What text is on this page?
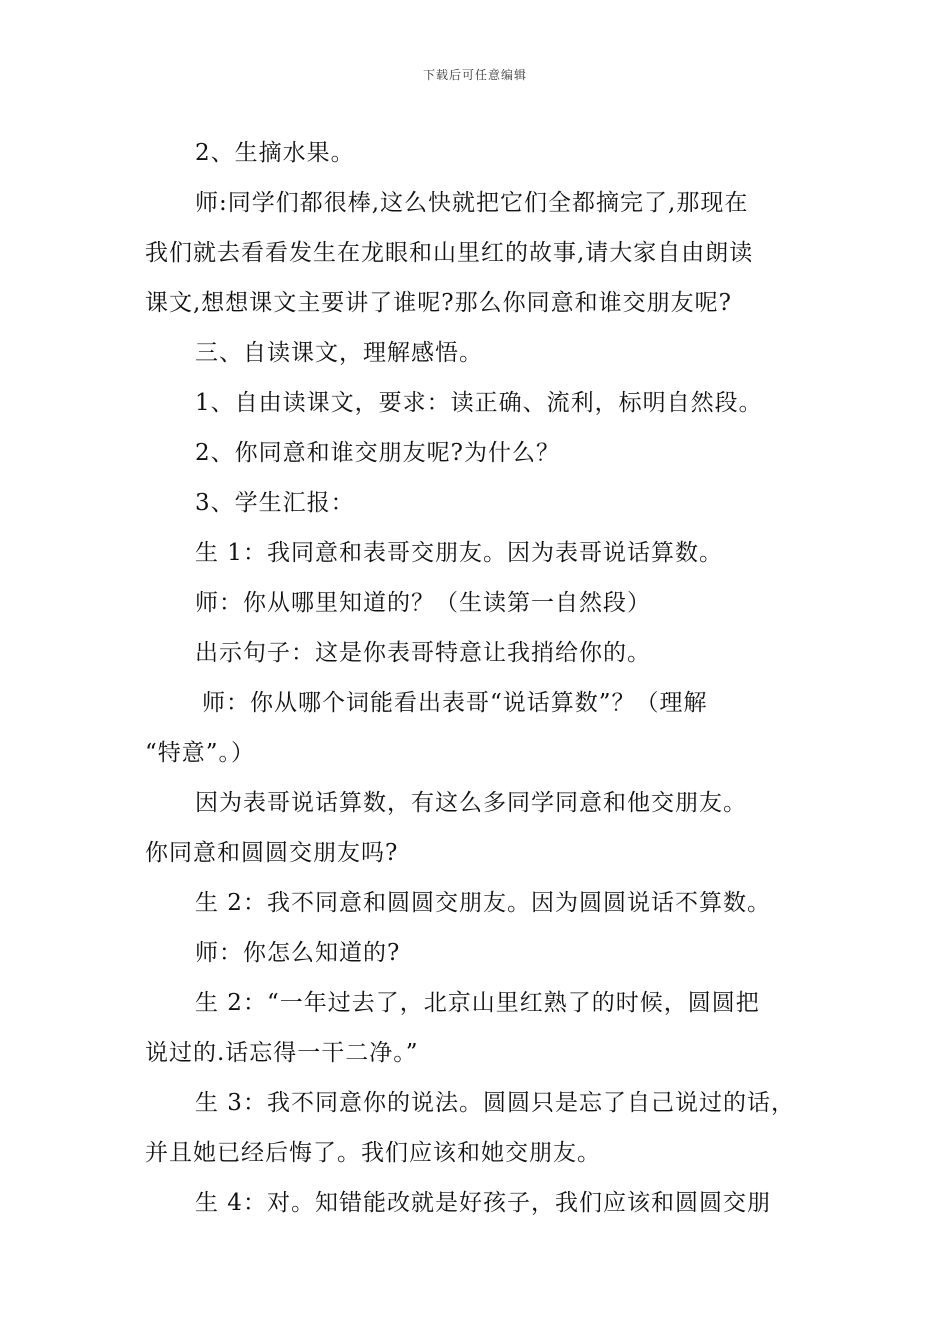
下载后可任意编辑
2、生摘水果。
师:同学们都很棒,这么快就把它们全都摘完了,那现在
我们就去看看发生在龙眼和山里红的故事,请大家自由朗读
课文,想想课文主要讲了谁呢?那么你同意和谁交朋友呢?
三、自读课文，理解感悟。
1、自由读课文，要求：读正确、流利，标明自然段。
2、你同意和谁交朋友呢?为什么？
3、学生汇报：
生 1：我同意和表哥交朋友。因为表哥说话算数。
师：你从哪里知道的？（生读第一自然段）
出示句子：这是你表哥特意让我捎给你的。
师：你从哪个词能看出表哥“说话算数”？（理解
“特意”。）
因为表哥说话算数，有这么多同学同意和他交朋友。
你同意和圆圆交朋友吗?
生 2：我不同意和圆圆交朋友。因为圆圆说话不算数。
师：你怎么知道的?
生 2：“一年过去了，北京山里红熟了的时候，圆圆把
说过的.话忘得一干二净。”
生 3：我不同意你的说法。圆圆只是忘了自己说过的话，
并且她已经后悔了。我们应该和她交朋友。
生 4：对。知错能改就是好孩子，我们应该和圆圆交朋
